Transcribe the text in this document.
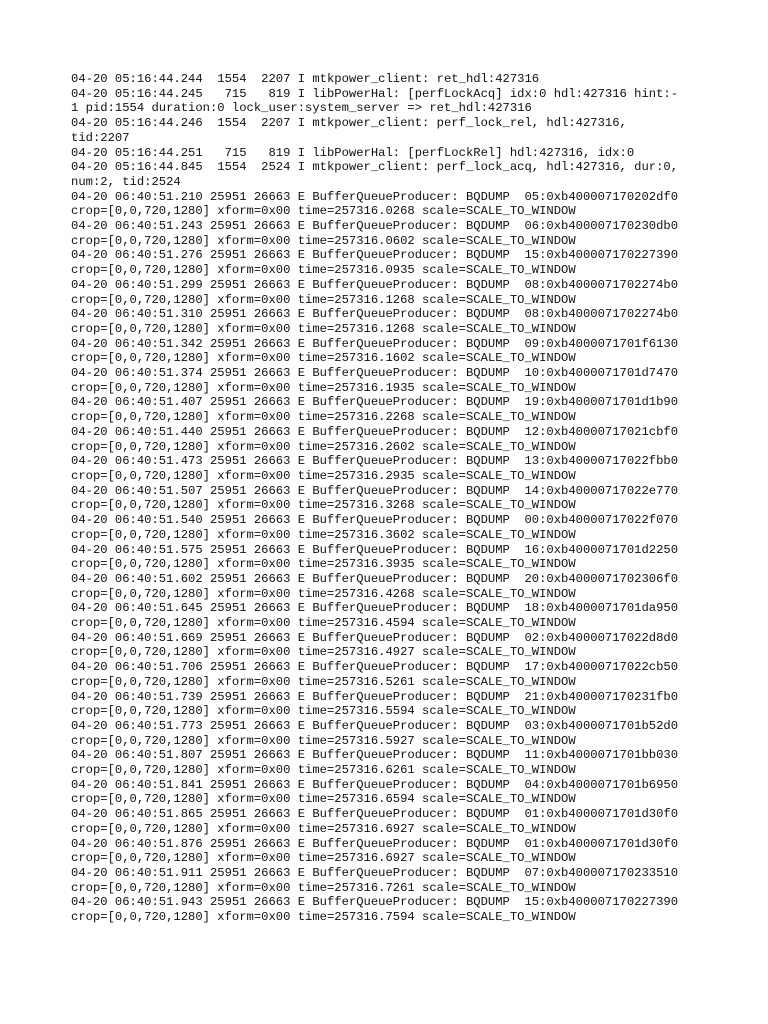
04-20 05:16:44.244  1554  2207 I mtkpower_client: ret_hdl:427316
04-20 05:16:44.245   715   819 I libPowerHal: [perfLockAcq] idx:0 hdl:427316 hint:-
1 pid:1554 duration:0 lock_user:system_server => ret_hdl:427316
04-20 05:16:44.246  1554  2207 I mtkpower_client: perf_lock_rel, hdl:427316,
tid:2207
04-20 05:16:44.251   715   819 I libPowerHal: [perfLockRel] hdl:427316, idx:0
04-20 05:16:44.845  1554  2524 I mtkpower_client: perf_lock_acq, hdl:427316, dur:0,
num:2, tid:2524
04-20 06:40:51.210 25951 26663 E BufferQueueProducer: BQDUMP  05:0xb400007170202df0
crop=[0,0,720,1280] xform=0x00 time=257316.0268 scale=SCALE_TO_WINDOW
04-20 06:40:51.243 25951 26663 E BufferQueueProducer: BQDUMP  06:0xb400007170230db0
crop=[0,0,720,1280] xform=0x00 time=257316.0602 scale=SCALE_TO_WINDOW
04-20 06:40:51.276 25951 26663 E BufferQueueProducer: BQDUMP  15:0xb400007170227390
crop=[0,0,720,1280] xform=0x00 time=257316.0935 scale=SCALE_TO_WINDOW
04-20 06:40:51.299 25951 26663 E BufferQueueProducer: BQDUMP  08:0xb4000071702274b0
crop=[0,0,720,1280] xform=0x00 time=257316.1268 scale=SCALE_TO_WINDOW
04-20 06:40:51.310 25951 26663 E BufferQueueProducer: BQDUMP  08:0xb4000071702274b0
crop=[0,0,720,1280] xform=0x00 time=257316.1268 scale=SCALE_TO_WINDOW
04-20 06:40:51.342 25951 26663 E BufferQueueProducer: BQDUMP  09:0xb4000071701f6130
crop=[0,0,720,1280] xform=0x00 time=257316.1602 scale=SCALE_TO_WINDOW
04-20 06:40:51.374 25951 26663 E BufferQueueProducer: BQDUMP  10:0xb4000071701d7470
crop=[0,0,720,1280] xform=0x00 time=257316.1935 scale=SCALE_TO_WINDOW
04-20 06:40:51.407 25951 26663 E BufferQueueProducer: BQDUMP  19:0xb4000071701d1b90
crop=[0,0,720,1280] xform=0x00 time=257316.2268 scale=SCALE_TO_WINDOW
04-20 06:40:51.440 25951 26663 E BufferQueueProducer: BQDUMP  12:0xb40000717021cbf0
crop=[0,0,720,1280] xform=0x00 time=257316.2602 scale=SCALE_TO_WINDOW
04-20 06:40:51.473 25951 26663 E BufferQueueProducer: BQDUMP  13:0xb40000717022fbb0
crop=[0,0,720,1280] xform=0x00 time=257316.2935 scale=SCALE_TO_WINDOW
04-20 06:40:51.507 25951 26663 E BufferQueueProducer: BQDUMP  14:0xb40000717022e770
crop=[0,0,720,1280] xform=0x00 time=257316.3268 scale=SCALE_TO_WINDOW
04-20 06:40:51.540 25951 26663 E BufferQueueProducer: BQDUMP  00:0xb40000717022f070
crop=[0,0,720,1280] xform=0x00 time=257316.3602 scale=SCALE_TO_WINDOW
04-20 06:40:51.575 25951 26663 E BufferQueueProducer: BQDUMP  16:0xb4000071701d2250
crop=[0,0,720,1280] xform=0x00 time=257316.3935 scale=SCALE_TO_WINDOW
04-20 06:40:51.602 25951 26663 E BufferQueueProducer: BQDUMP  20:0xb4000071702306f0
crop=[0,0,720,1280] xform=0x00 time=257316.4268 scale=SCALE_TO_WINDOW
04-20 06:40:51.645 25951 26663 E BufferQueueProducer: BQDUMP  18:0xb4000071701da950
crop=[0,0,720,1280] xform=0x00 time=257316.4594 scale=SCALE_TO_WINDOW
04-20 06:40:51.669 25951 26663 E BufferQueueProducer: BQDUMP  02:0xb40000717022d8d0
crop=[0,0,720,1280] xform=0x00 time=257316.4927 scale=SCALE_TO_WINDOW
04-20 06:40:51.706 25951 26663 E BufferQueueProducer: BQDUMP  17:0xb40000717022cb50
crop=[0,0,720,1280] xform=0x00 time=257316.5261 scale=SCALE_TO_WINDOW
04-20 06:40:51.739 25951 26663 E BufferQueueProducer: BQDUMP  21:0xb400007170231fb0
crop=[0,0,720,1280] xform=0x00 time=257316.5594 scale=SCALE_TO_WINDOW
04-20 06:40:51.773 25951 26663 E BufferQueueProducer: BQDUMP  03:0xb4000071701b52d0
crop=[0,0,720,1280] xform=0x00 time=257316.5927 scale=SCALE_TO_WINDOW
04-20 06:40:51.807 25951 26663 E BufferQueueProducer: BQDUMP  11:0xb4000071701bb030
crop=[0,0,720,1280] xform=0x00 time=257316.6261 scale=SCALE_TO_WINDOW
04-20 06:40:51.841 25951 26663 E BufferQueueProducer: BQDUMP  04:0xb4000071701b6950
crop=[0,0,720,1280] xform=0x00 time=257316.6594 scale=SCALE_TO_WINDOW
04-20 06:40:51.865 25951 26663 E BufferQueueProducer: BQDUMP  01:0xb4000071701d30f0
crop=[0,0,720,1280] xform=0x00 time=257316.6927 scale=SCALE_TO_WINDOW
04-20 06:40:51.876 25951 26663 E BufferQueueProducer: BQDUMP  01:0xb4000071701d30f0
crop=[0,0,720,1280] xform=0x00 time=257316.6927 scale=SCALE_TO_WINDOW
04-20 06:40:51.911 25951 26663 E BufferQueueProducer: BQDUMP  07:0xb400007170233510
crop=[0,0,720,1280] xform=0x00 time=257316.7261 scale=SCALE_TO_WINDOW
04-20 06:40:51.943 25951 26663 E BufferQueueProducer: BQDUMP  15:0xb400007170227390
crop=[0,0,720,1280] xform=0x00 time=257316.7594 scale=SCALE_TO_WINDOW
